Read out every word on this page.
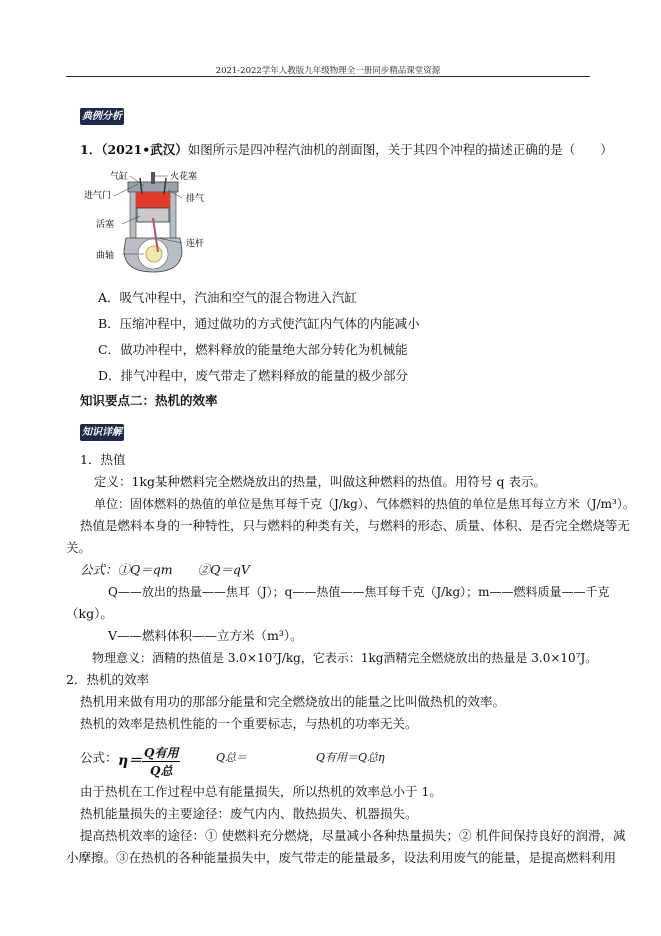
2021-2022学年人教版九年级物理全一册同步精品课堂资源
典例分析
1．（2021•武汉）如图所示是四冲程汽油机的剖面图，关于其四个冲程的描述正确的是（　　）
气缸	火花塞
进气门	排气
活塞
连杆
曲轴
A．吸气冲程中，汽油和空气的混合物进入汽缸
B．压缩冲程中，通过做功的方式使汽缸内气体的内能减小
C．做功冲程中，燃料释放的能量绝大部分转化为机械能
D．排气冲程中，废气带走了燃料释放的能量的极少部分
知识要点二：热机的效率
知识详解
1．热值
定义：1kg某种燃料完全燃烧放出的热量，叫做这种燃料的热值。用符号 q 表示。
单位：固体燃料的热值的单位是焦耳每千克（J/kg）、气体燃料的热值的单位是焦耳每立方米（J/m³）。
热值是燃料本身的一种特性，只与燃料的种类有关，与燃料的形态、质量、体积、是否完全燃烧等无
关。
公式：①Q＝qm　　②Q＝qV
Q——放出的热量——焦耳（J）；q——热值——焦耳每千克（J/kg）；m——燃料质量——千克
（kg）。
V——燃料体积——立方米（m³）。
物理意义：酒精的热值是 3.0×10⁷J/kg，它表示：1kg酒精完全燃烧放出的热量是 3.0×10⁷J。
2．热机的效率
热机用来做有用功的那部分能量和完全燃烧放出的能量之比叫做热机的效率。
热机的效率是热机性能的一个重要标志，与热机的功率无关。
公式： η＝ Q有用
Q总
Q总＝	Q有用＝Q总η
由于热机在工作过程中总有能量损失，所以热机的效率总小于 1。
热机能量损失的主要途径：废气内内、散热损失、机器损失。
提高热机效率的途径：① 使燃料充分燃烧，尽量减小各种热量损失；② 机件间保持良好的润滑，减
小摩擦。③在热机的各种能量损失中，废气带走的能量最多，设法利用废气的能量，是提高燃料利用
